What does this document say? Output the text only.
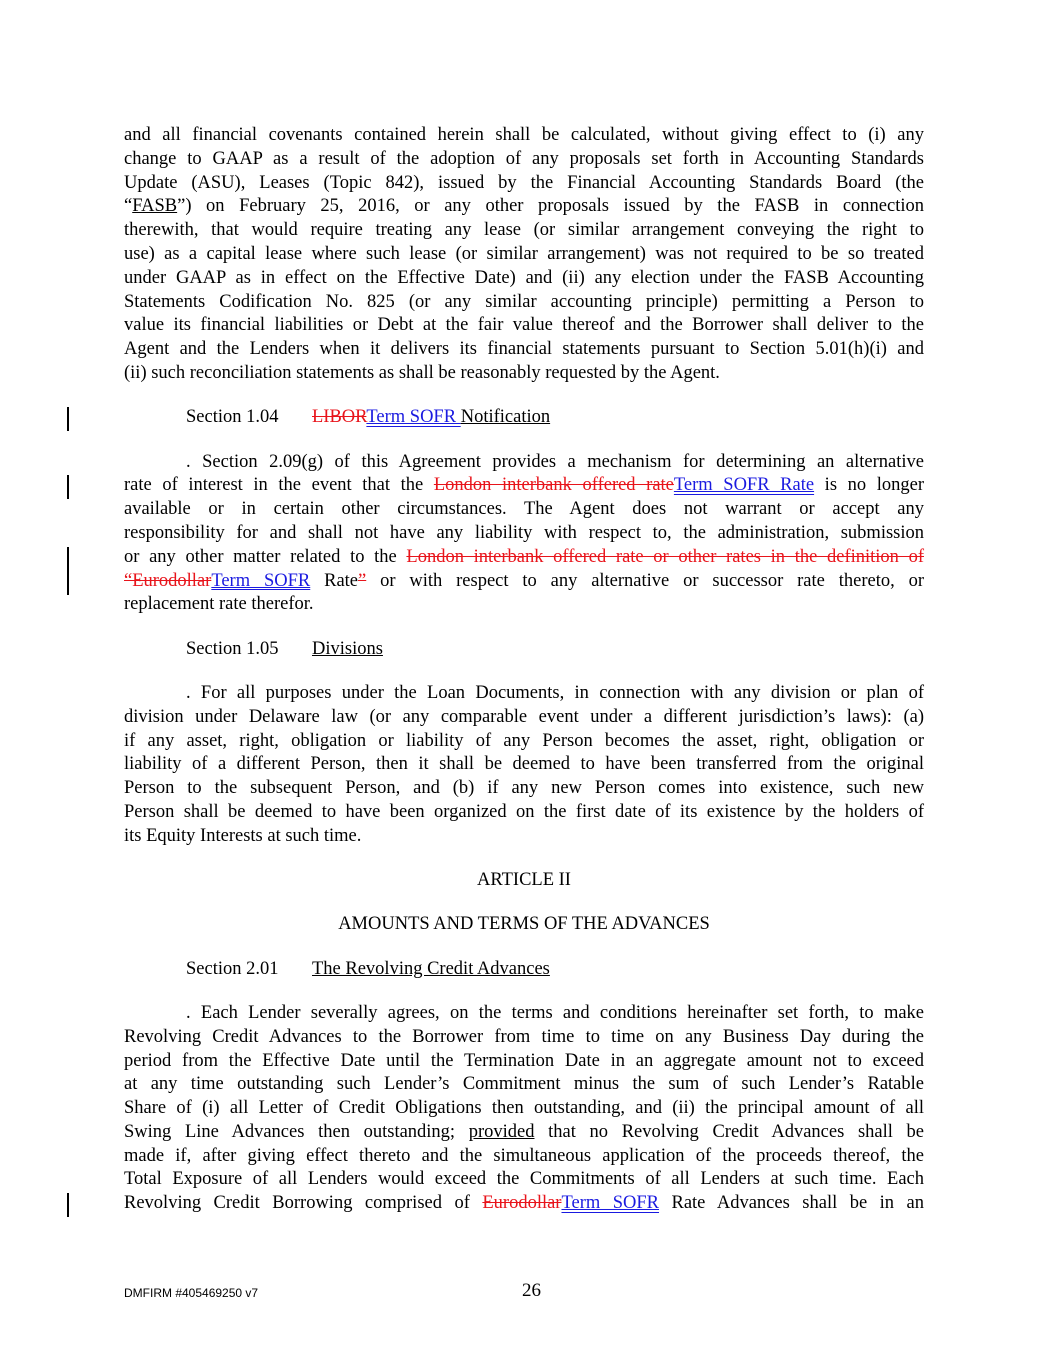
and all financial covenants contained herein shall be calculated, without giving effect to (i) any
change to GAAP as a result of the adoption of any proposals set forth in Accounting Standards
Update (ASU), Leases (Topic 842), issued by the Financial Accounting Standards Board (the
“FASB”) on February 25, 2016, or any other proposals issued by the FASB in connection
therewith, that would require treating any lease (or similar arrangement conveying the right to
use) as a capital lease where such lease (or similar arrangement) was not required to be so treated
under GAAP as in effect on the Effective Date) and (ii) any election under the FASB Accounting
Statements Codification No. 825 (or any similar accounting principle) permitting a Person to
value its financial liabilities or Debt at the fair value thereof and the Borrower shall deliver to the
Agent and the Lenders when it delivers its financial statements pursuant to Section 5.01(h)(i) and
(ii) such reconciliation statements as shall be reasonably requested by the Agent.
Section 1.04 LIBORTerm SOFR Notification
. Section 2.09(g) of this Agreement provides a mechanism for determining an alternative
rate of interest in the event that the London interbank offered rateTerm SOFR Rate is no longer
available or in certain other circumstances. The Agent does not warrant or accept any
responsibility for and shall not have any liability with respect to, the administration, submission
or any other matter related to the London interbank offered rate or other rates in the definition of
“EurodollarTerm SOFR Rate” or with respect to any alternative or successor rate thereto, or
replacement rate therefor.
Section 1.05 Divisions
. For all purposes under the Loan Documents, in connection with any division or plan of
division under Delaware law (or any comparable event under a different jurisdiction’s laws): (a)
if any asset, right, obligation or liability of any Person becomes the asset, right, obligation or
liability of a different Person, then it shall be deemed to have been transferred from the original
Person to the subsequent Person, and (b) if any new Person comes into existence, such new
Person shall be deemed to have been organized on the first date of its existence by the holders of
its Equity Interests at such time.
ARTICLE II
AMOUNTS AND TERMS OF THE ADVANCES
Section 2.01 The Revolving Credit Advances
. Each Lender severally agrees, on the terms and conditions hereinafter set forth, to make
Revolving Credit Advances to the Borrower from time to time on any Business Day during the
period from the Effective Date until the Termination Date in an aggregate amount not to exceed
at any time outstanding such Lender’s Commitment minus the sum of such Lender’s Ratable
Share of (i) all Letter of Credit Obligations then outstanding, and (ii) the principal amount of all
Swing Line Advances then outstanding; provided that no Revolving Credit Advances shall be
made if, after giving effect thereto and the simultaneous application of the proceeds thereof, the
Total Exposure of all Lenders would exceed the Commitments of all Lenders at such time. Each
Revolving Credit Borrowing comprised of EurodollarTerm SOFR Rate Advances shall be in an
DMFIRM #405469250 v7	26
